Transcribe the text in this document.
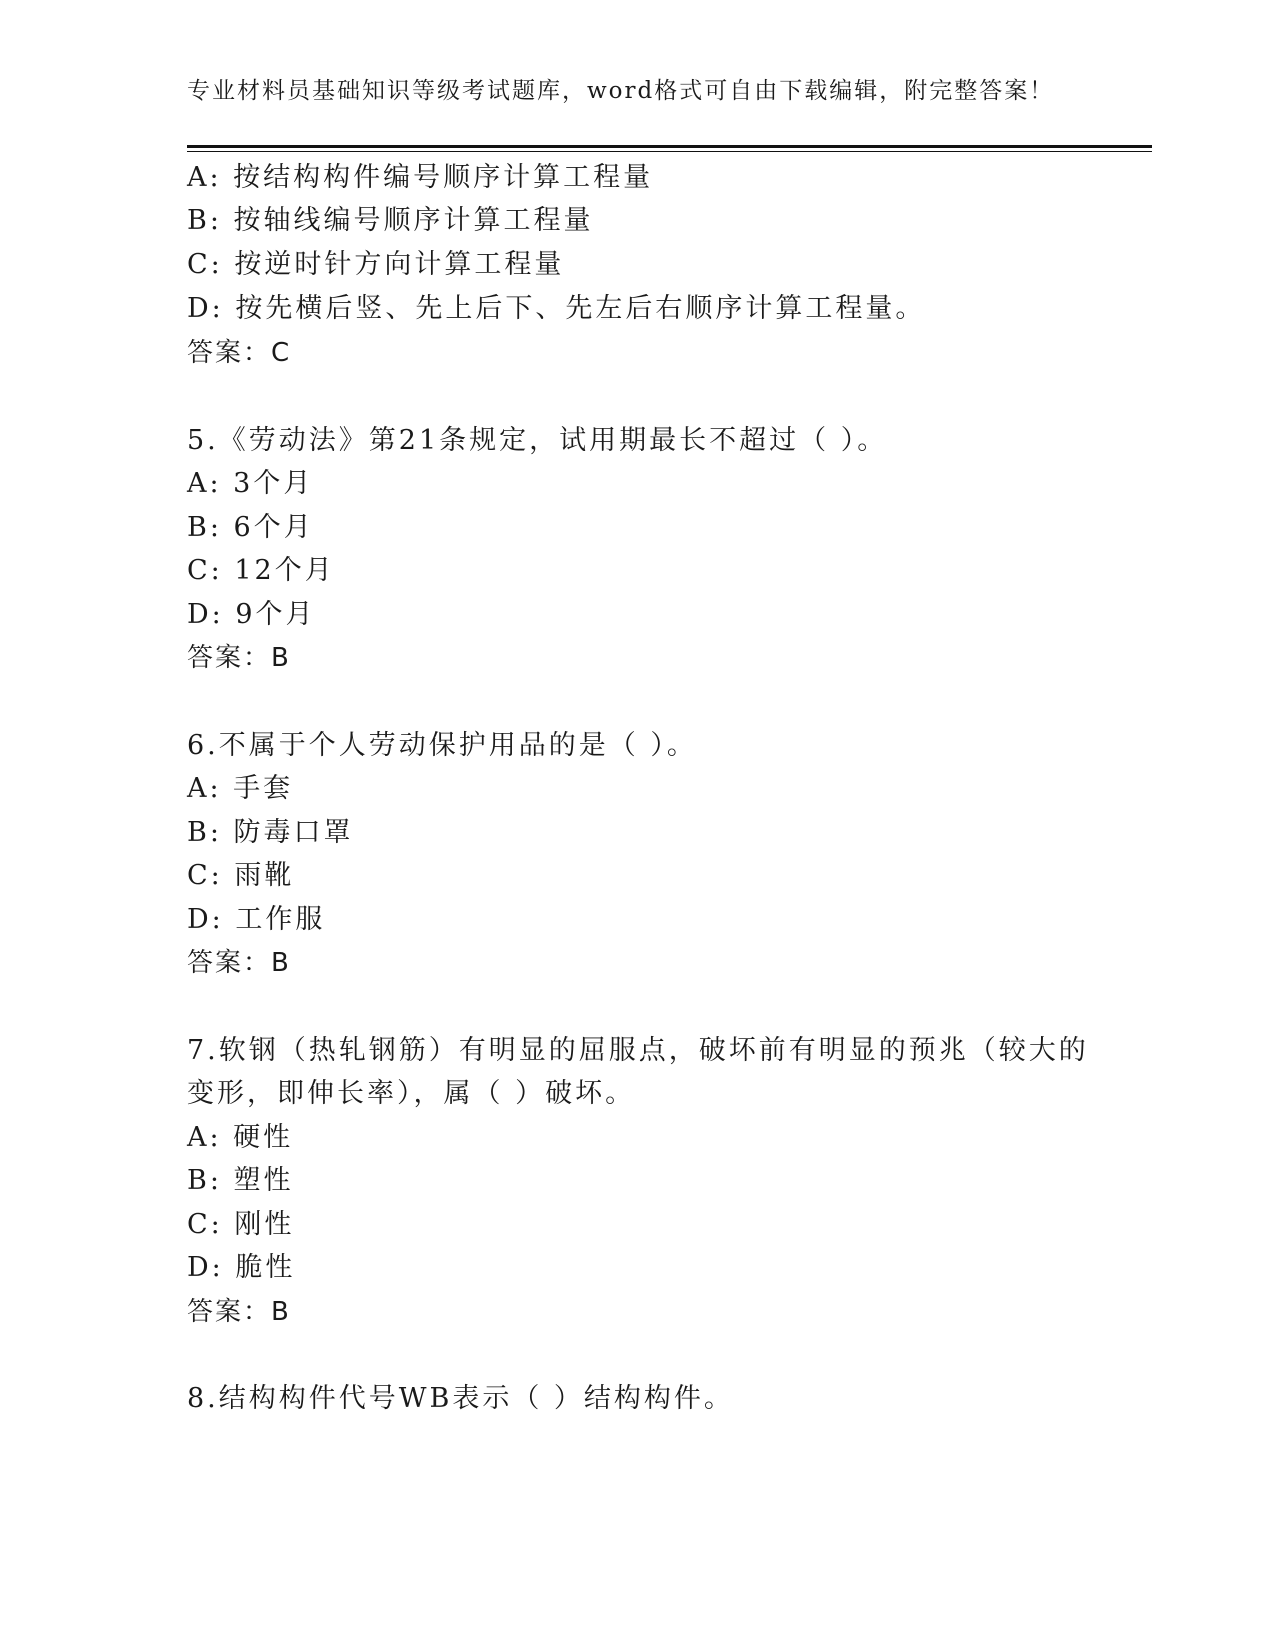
专业材料员基础知识等级考试题库，word格式可自由下载编辑，附完整答案！
A: 按结构构件编号顺序计算工程量
B: 按轴线编号顺序计算工程量
C: 按逆时针方向计算工程量
D: 按先横后竖、先上后下、先左后右顺序计算工程量。
答案：C
5.《劳动法》第21条规定，试用期最长不超过（ ）。
A: 3个月
B: 6个月
C: 12个月
D: 9个月
答案：B
6.不属于个人劳动保护用品的是（ ）。
A: 手套
B: 防毒口罩
C: 雨靴
D: 工作服
答案：B
7.软钢（热轧钢筋）有明显的屈服点，破坏前有明显的预兆（较大的
变形，即伸长率），属（ ）破坏。
A: 硬性
B: 塑性
C: 刚性
D: 脆性
答案：B
8.结构构件代号WB表示（ ）结构构件。
